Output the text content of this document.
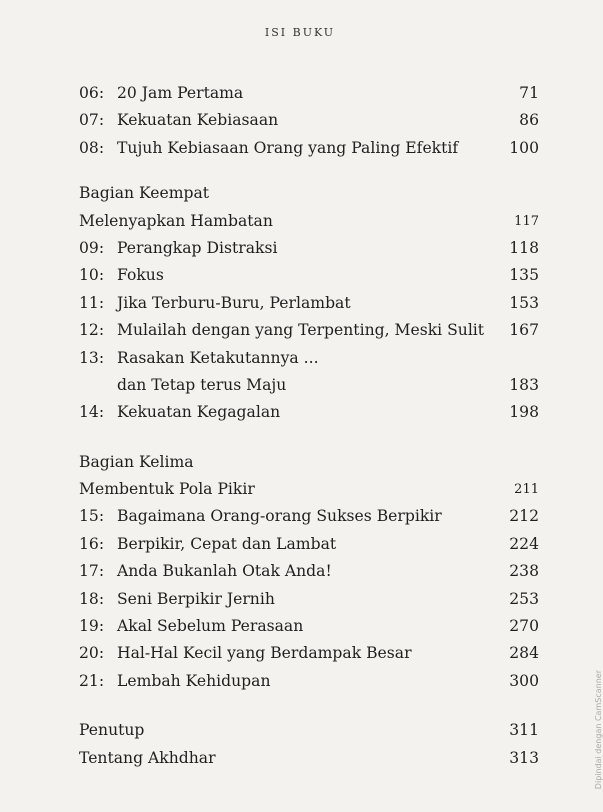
ISI BUKU
06: 20 Jam Pertama	71
07: Kekuatan Kebiasaan	86
08: Tujuh Kebiasaan Orang yang Paling Efektif	100
Bagian Keempat
Melenyapkan Hambatan	117
09: Perangkap Distraksi	118
10: Fokus	135
11: Jika Terburu-Buru, Perlambat	153
12: Mulailah dengan yang Terpenting, Meski Sulit 167
13: Rasakan Ketakutannya ...
dan Tetap terus Maju	183
14: Kekuatan Kegagalan	198
Bagian Kelima
Membentuk Pola Pikir	211
15: Bagaimana Orang-orang Sukses Berpikir	212
16: Berpikir, Cepat dan Lambat	224
17: Anda Bukanlah Otak Anda!	238
18: Seni Berpikir Jernih	253
19: Akal Sebelum Perasaan	270
20: Hal-Hal Kecil yang Berdampak Besar	284
21: Lembah Kehidupan	300
Penutup	311
Tentang Akhdhar	313	Dipindai dengan CamScanner
